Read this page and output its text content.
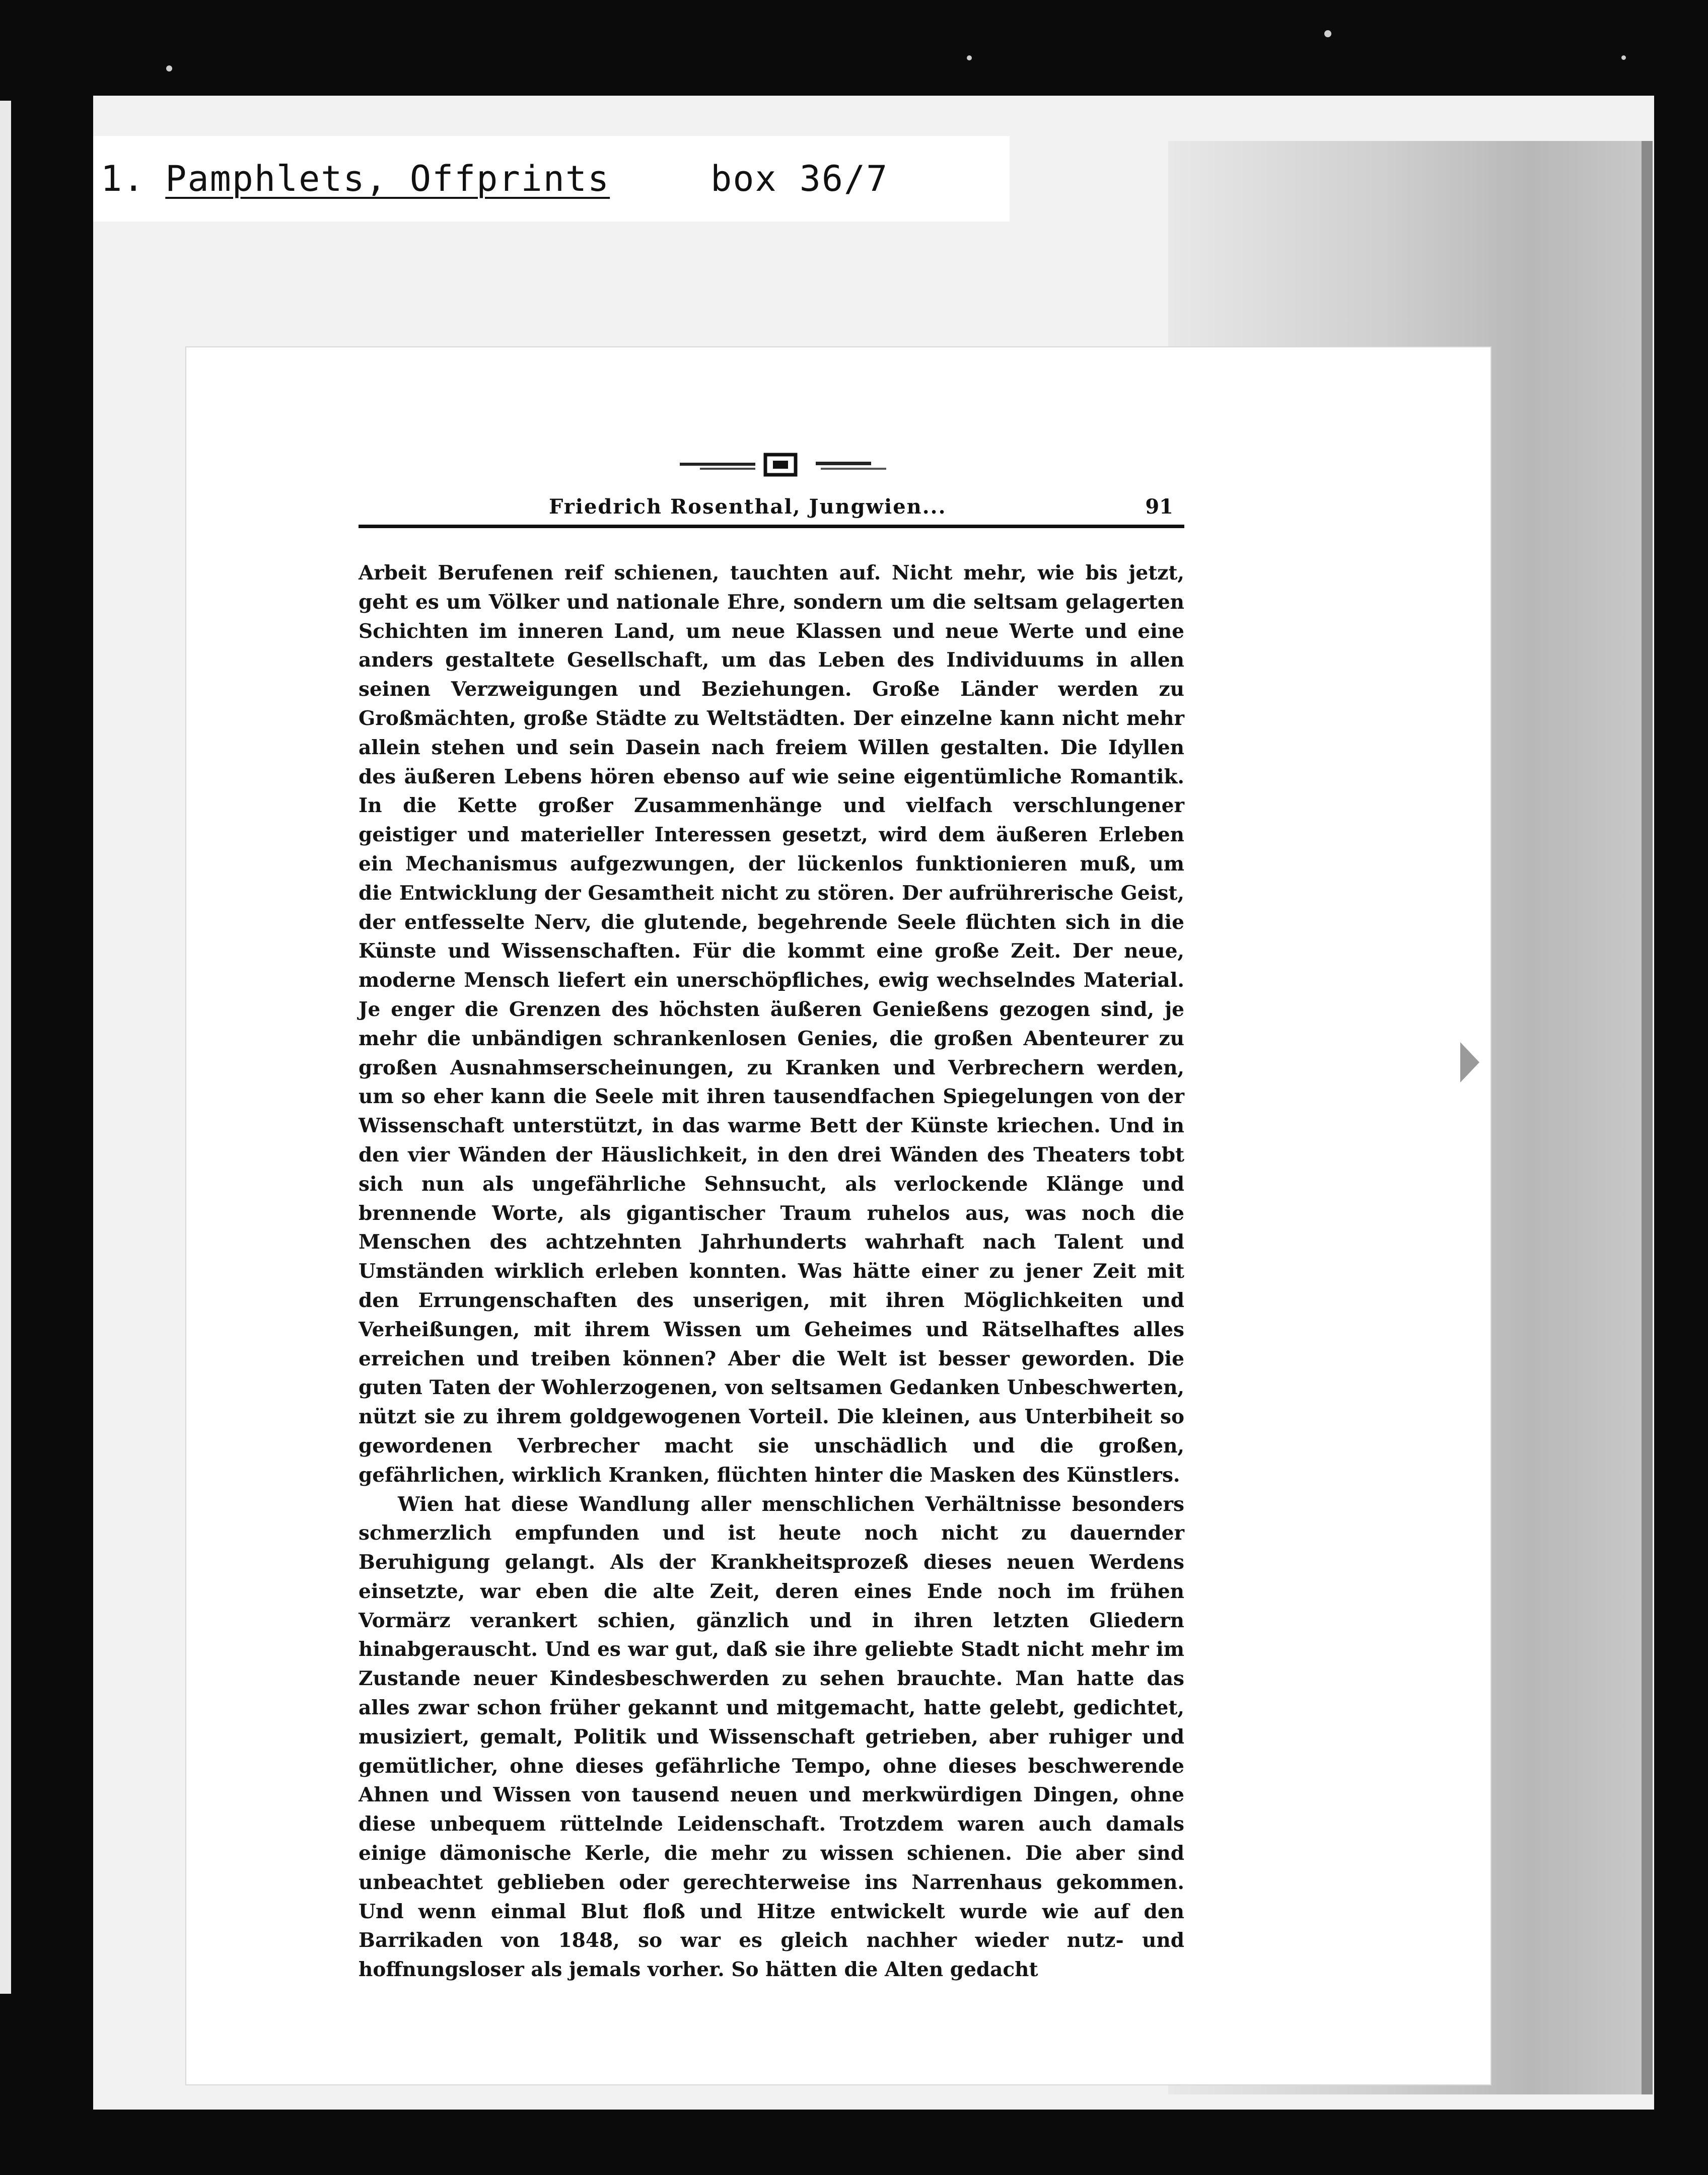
1. Pamphlets, Offprints	box 36/7
Friedrich Rosenthal, Jungwien...	91

Arbeit Berufenen reif schienen, tauchten auf. Nicht mehr, wie bis jetzt, geht es um Völker und nationale Ehre, sondern um die seltsam gelagerten Schichten im inneren Land, um neue Klassen und neue Werte und eine anders gestaltete Gesellschaft, um das Leben des Individuums in allen seinen Verzweigungen und Beziehungen. Große Länder werden zu Großmächten, große Städte zu Weltstädten. Der einzelne kann nicht mehr allein stehen und sein Dasein nach freiem Willen gestalten. Die Idyllen des äußeren Lebens hören ebenso auf wie seine eigentümliche Romantik. In die Kette großer Zusammenhänge und vielfach verschlungener geistiger und materieller Interessen gesetzt, wird dem äußeren Erleben ein Mechanismus aufgezwungen, der lückenlos funktionieren muß, um die Entwicklung der Gesamtheit nicht zu stören. Der aufrührerische Geist, der entfesselte Nerv, die glutende, begehrende Seele flüchten sich in die Künste und Wissenschaften. Für die kommt eine große Zeit. Der neue, moderne Mensch liefert ein unerschöpfliches, ewig wechselndes Material. Je enger die Grenzen des höchsten äußeren Genießens gezogen sind, je mehr die unbändigen schrankenlosen Genies, die großen Abenteurer zu großen Ausnahmserscheinungen, zu Kranken und Verbrechern werden, um so eher kann die Seele mit ihren tausendfachen Spiegelungen von der Wissenschaft unterstützt, in das warme Bett der Künste kriechen. Und in den vier Wänden der Häuslichkeit, in den drei Wänden des Theaters tobt sich nun als ungefährliche Sehnsucht, als verlockende Klänge und brennende Worte, als gigantischer Traum ruhelos aus, was noch die Menschen des achtzehnten Jahrhunderts wahrhaft nach Talent und Umständen wirklich erleben konnten. Was hätte einer zu jener Zeit mit den Errungenschaften des unserigen, mit ihren Möglichkeiten und Verheißungen, mit ihrem Wissen um Geheimes und Rätselhaftes alles erreichen und treiben können? Aber die Welt ist besser geworden. Die guten Taten der Wohlerzogenen, von seltsamen Gedanken Unbeschwerten, nützt sie zu ihrem goldgewogenen Vorteil. Die kleinen, aus Unterbiheit so gewordenen Verbrecher macht sie unschädlich und die großen, gefährlichen, wirklich Kranken, flüchten hinter die Masken des Künstlers.

Wien hat diese Wandlung aller menschlichen Verhältnisse besonders schmerzlich empfunden und ist heute noch nicht zu dauernder Beruhigung gelangt. Als der Krankheitsprozeß dieses neuen Werdens einsetzte, war eben die alte Zeit, deren eines Ende noch im frühen Vormärz verankert schien, gänzlich und in ihren letzten Gliedern hinabgerauscht. Und es war gut, daß sie ihre geliebte Stadt nicht mehr im Zustande neuer Kindesbeschwerden zu sehen brauchte. Man hatte das alles zwar schon früher gekannt und mitgemacht, hatte gelebt, gedichtet, musiziert, gemalt, Politik und Wissenschaft getrieben, aber ruhiger und gemütlicher, ohne dieses gefährliche Tempo, ohne dieses beschwerende Ahnen und Wissen von tausend neuen und merkwürdigen Dingen, ohne diese unbequem rüttelnde Leidenschaft. Trotzdem waren auch damals einige dämonische Kerle, die mehr zu wissen schienen. Die aber sind unbeachtet geblieben oder gerechterweise ins Narrenhaus gekommen. Und wenn einmal Blut floß und Hitze entwickelt wurde wie auf den Barrikaden von 1848, so war es gleich nachher wieder nutz- und hoffnungsloser als jemals vorher. So hätten die Alten gedacht
